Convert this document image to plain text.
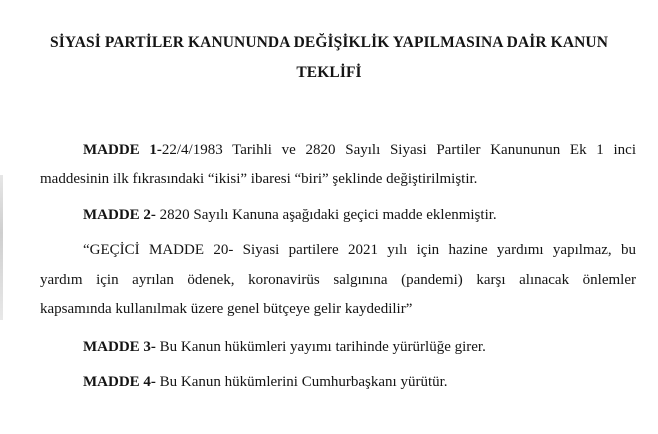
SİYASİ PARTİLER KANUNUNDA DEĞİŞİKLİK YAPILMASINA DAİR KANUN
TEKLİFİ
MADDE 1-22/4/1983 Tarihli ve 2820 Sayılı Siyasi Partiler Kanununun Ek 1 inci
maddesinin ilk fıkrasındaki “ikisi” ibaresi “biri” şeklinde değiştirilmiştir.
MADDE 2- 2820 Sayılı Kanuna aşağıdaki geçici madde eklenmiştir.
“GEÇİCİ MADDE 20- Siyasi partilere 2021 yılı için hazine yardımı yapılmaz, bu
yardım için ayrılan ödenek, koronavirüs salgınına (pandemi) karşı alınacak önlemler
kapsamında kullanılmak üzere genel bütçeye gelir kaydedilir”
MADDE 3- Bu Kanun hükümleri yayımı tarihinde yürürlüğe girer.
MADDE 4- Bu Kanun hükümlerini Cumhurbaşkanı yürütür.
